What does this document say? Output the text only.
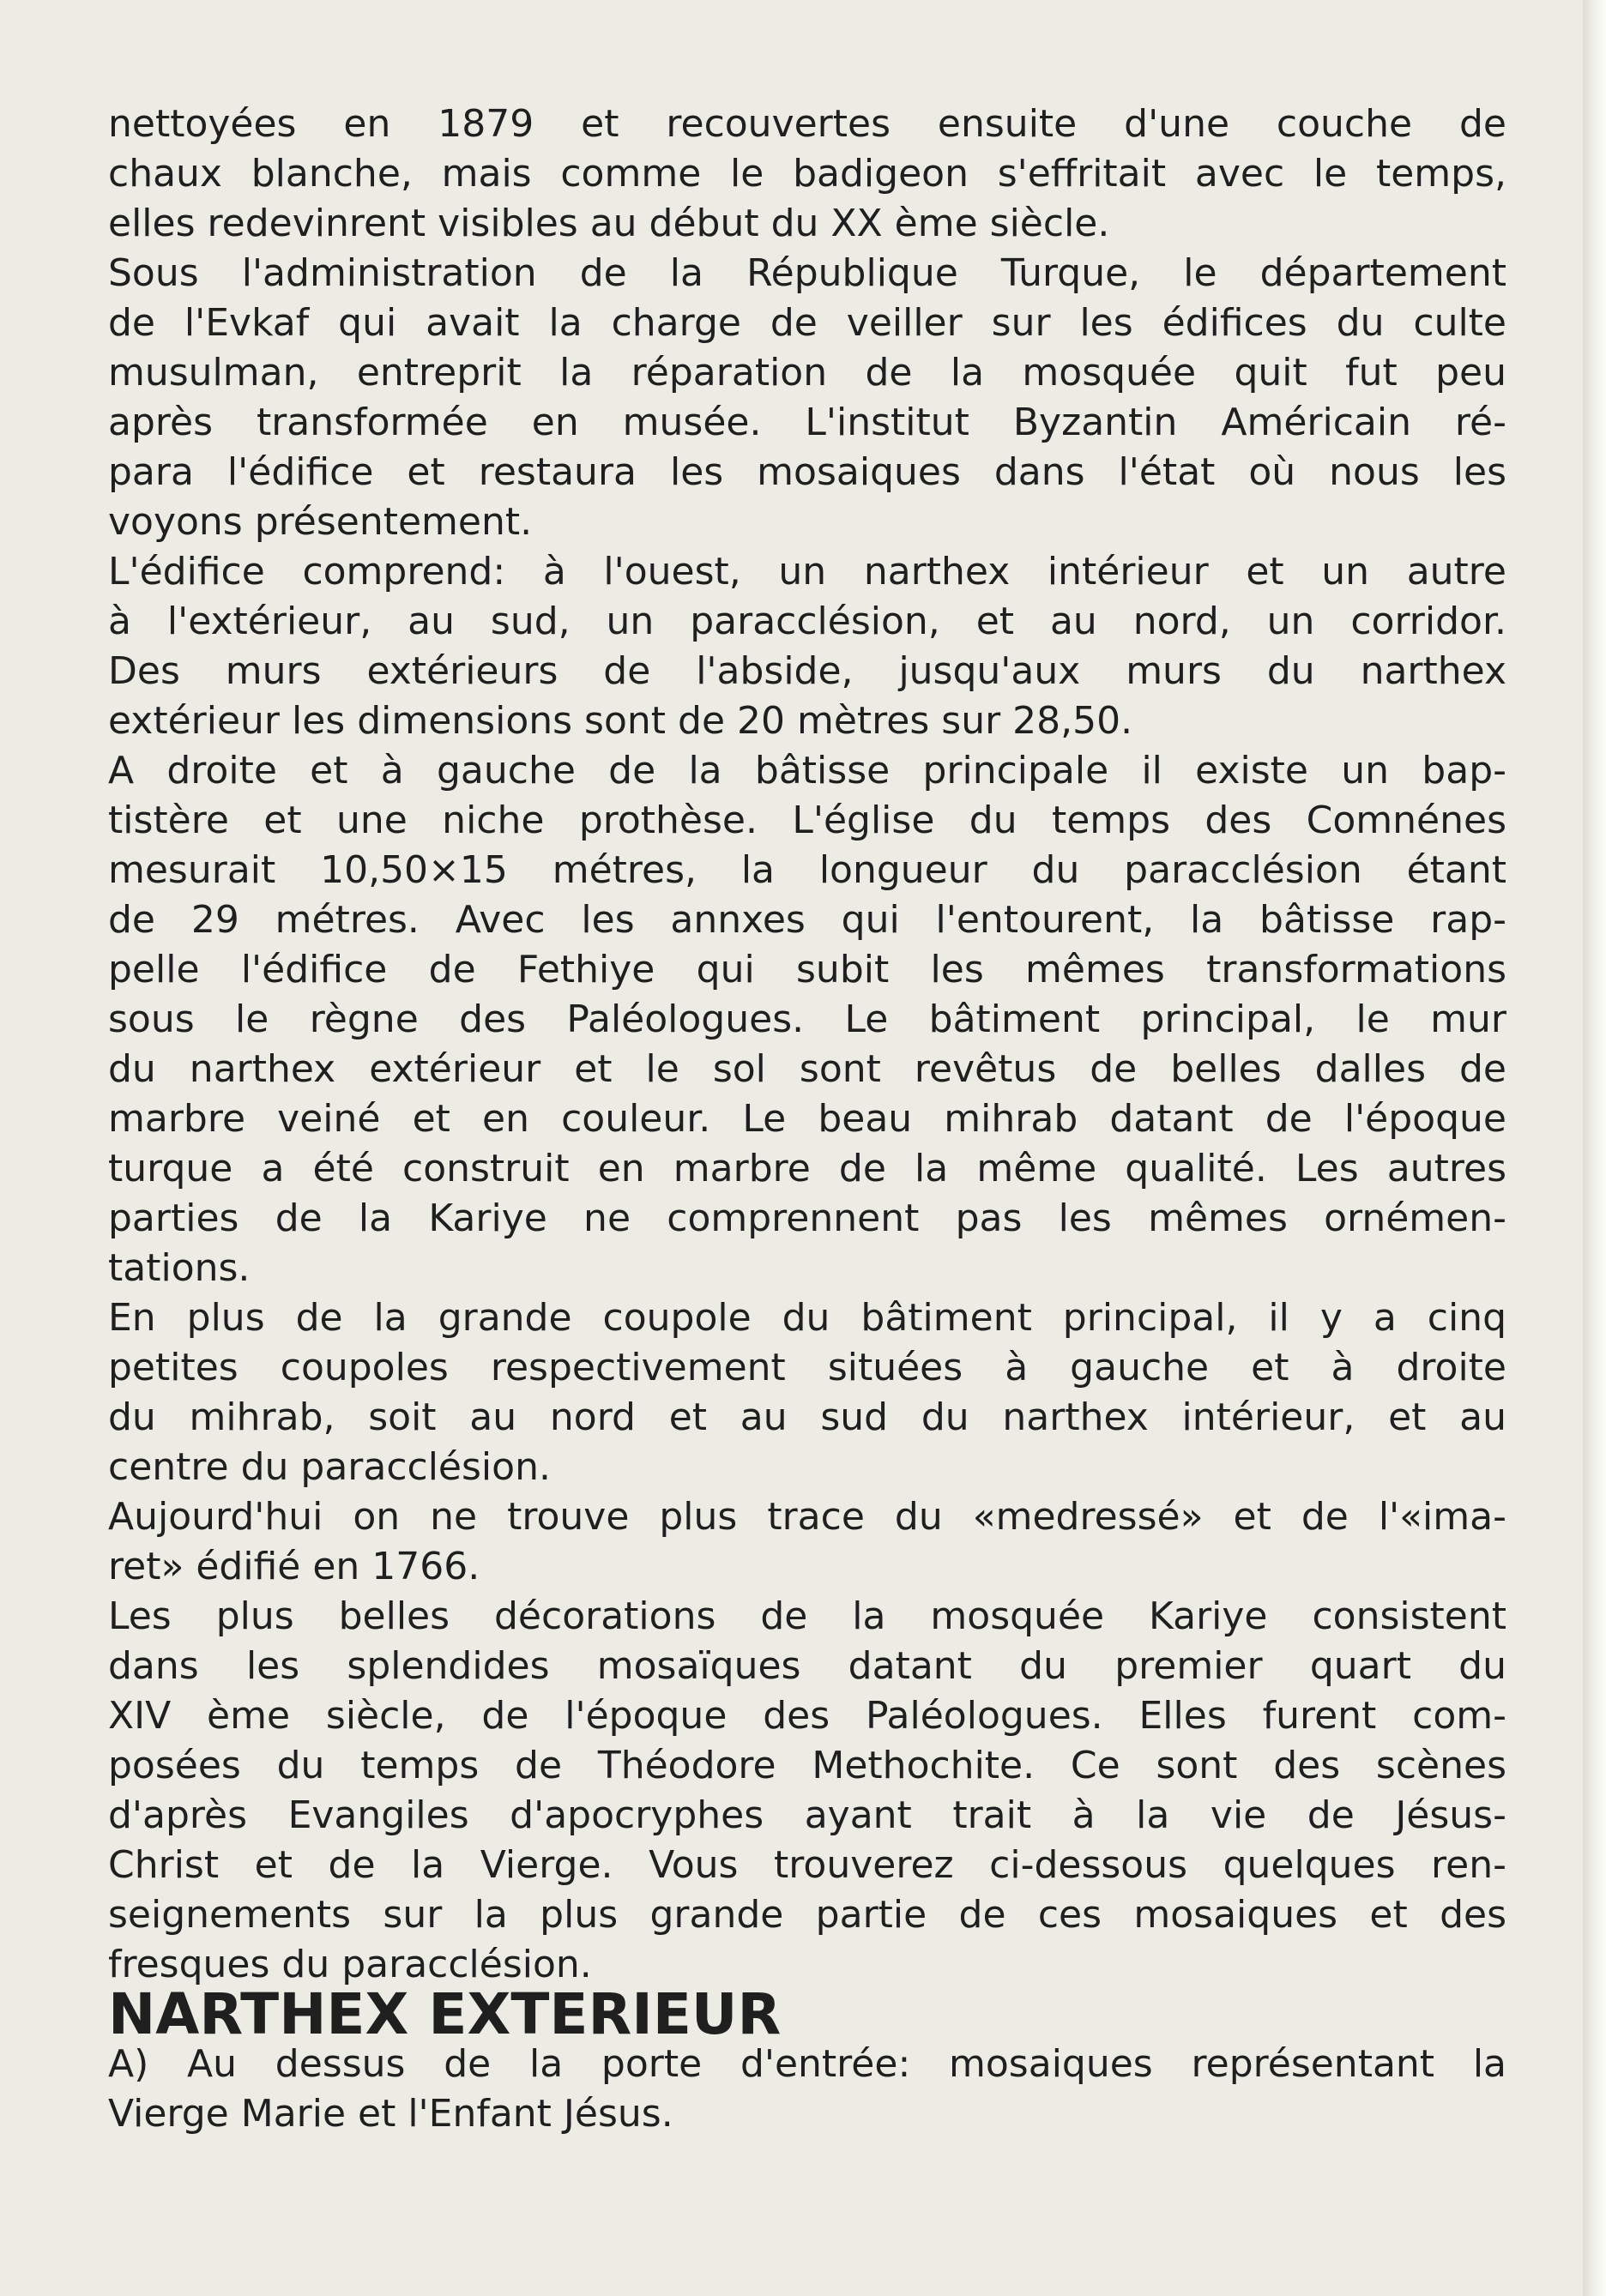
nettoyées en 1879 et recouvertes ensuite d'une couche de
chaux blanche, mais comme le badigeon s'effritait avec le temps,
elles redevinrent visibles au début du XX ème siècle.

Sous l'administration de la République Turque, le département
de l'Evkaf qui avait la charge de veiller sur les édifices du culte
musulman, entreprit la réparation de la mosquée quit fut peu
après transformée en musée. L'institut Byzantin Américain ré-
para l'édifice et restaura les mosaiques dans l'état où nous les
voyons présentement.

L'édifice comprend: à l'ouest, un narthex intérieur et un autre
à l'extérieur, au sud, un paracclésion, et au nord, un corridor.
Des murs extérieurs de l'abside, jusqu'aux murs du narthex
extérieur les dimensions sont de 20 mètres sur 28,50.

A droite et à gauche de la bâtisse principale il existe un bap-
tistère et une niche prothèse. L'église du temps des Comnénes
mesurait 10,50×15 métres, la longueur du paracclésion étant
de 29 métres. Avec les annxes qui l'entourent, la bâtisse rap-
pelle l'édifice de Fethiye qui subit les mêmes transformations
sous le règne des Paléologues. Le bâtiment principal, le mur
du narthex extérieur et le sol sont revêtus de belles dalles de
marbre veiné et en couleur. Le beau mihrab datant de l'époque
turque a été construit en marbre de la même qualité. Les autres
parties de la Kariye ne comprennent pas les mêmes ornémen-
tations.

En plus de la grande coupole du bâtiment principal, il y a cinq
petites coupoles respectivement situées à gauche et à droite
du mihrab, soit au nord et au sud du narthex intérieur, et au
centre du paracclésion.

Aujourd'hui on ne trouve plus trace du «medressé» et de l'«ima-
ret» édifié en 1766.

Les plus belles décorations de la mosquée Kariye consistent
dans les splendides mosaïques datant du premier quart du
XIV ème siècle, de l'époque des Paléologues. Elles furent com-
posées du temps de Théodore Methochite. Ce sont des scènes
d'après Evangiles d'apocryphes ayant trait à la vie de Jésus-
Christ et de la Vierge. Vous trouverez ci-dessous quelques ren-
seignements sur la plus grande partie de ces mosaiques et des
fresques du paracclésion.

NARTHEX EXTERIEUR

A) Au dessus de la porte d'entrée: mosaiques représentant la
Vierge Marie et l'Enfant Jésus.
